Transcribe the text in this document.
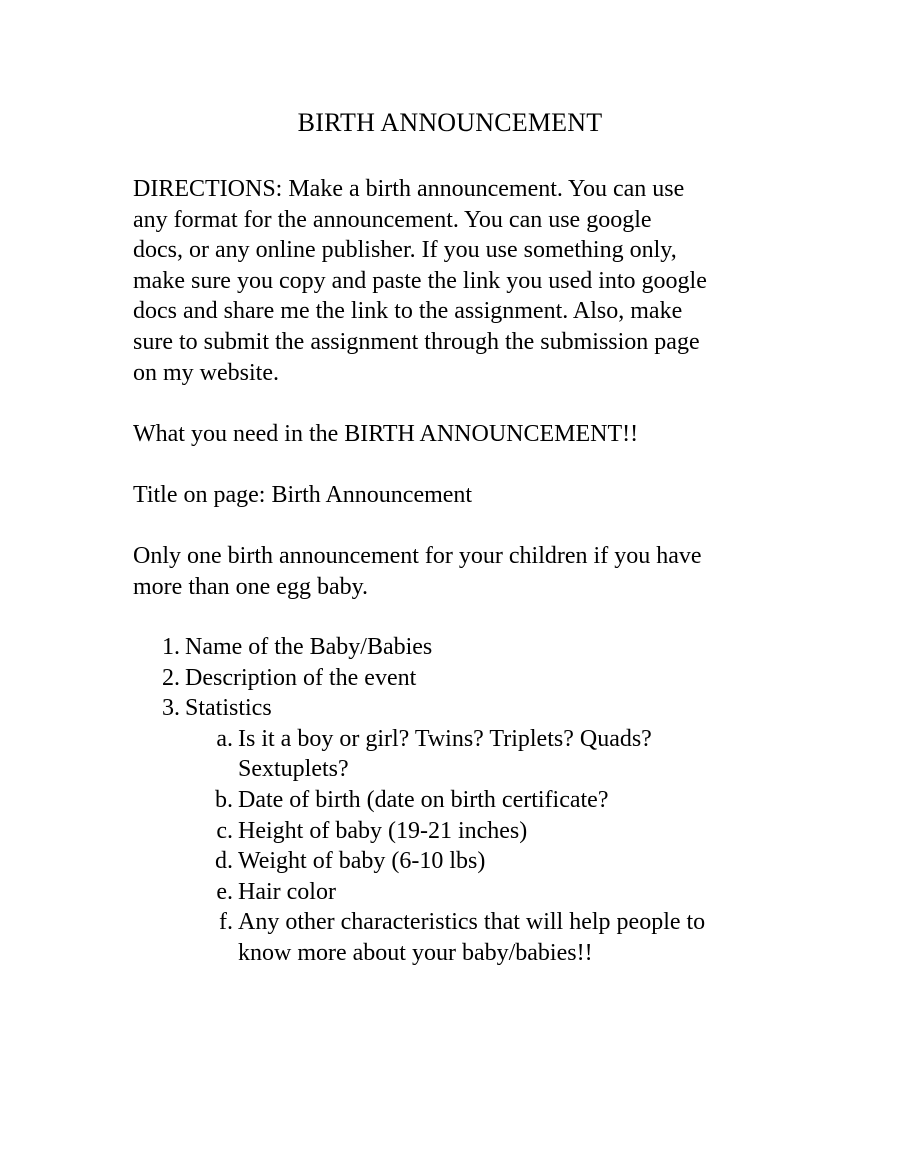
BIRTH ANNOUNCEMENT

DIRECTIONS: Make a birth announcement. You can use
any format for the announcement. You can use google
docs, or any online publisher. If you use something only,
make sure you copy and paste the link you used into google
docs and share me the link to the assignment. Also, make
sure to submit the assignment through the submission page
on my website.

What you need in the BIRTH ANNOUNCEMENT!!

Title on page: Birth Announcement

Only one birth announcement for your children if you have
more than one egg baby.

1. Name of the Baby/Babies
2. Description of the event
3. Statistics
a. Is it a boy or girl? Twins? Triplets? Quads?
Sextuplets?
b. Date of birth (date on birth certificate?
c. Height of baby (19-21 inches)
d. Weight of baby (6-10 lbs)
e. Hair color
f. Any other characteristics that will help people to
know more about your baby/babies!!
